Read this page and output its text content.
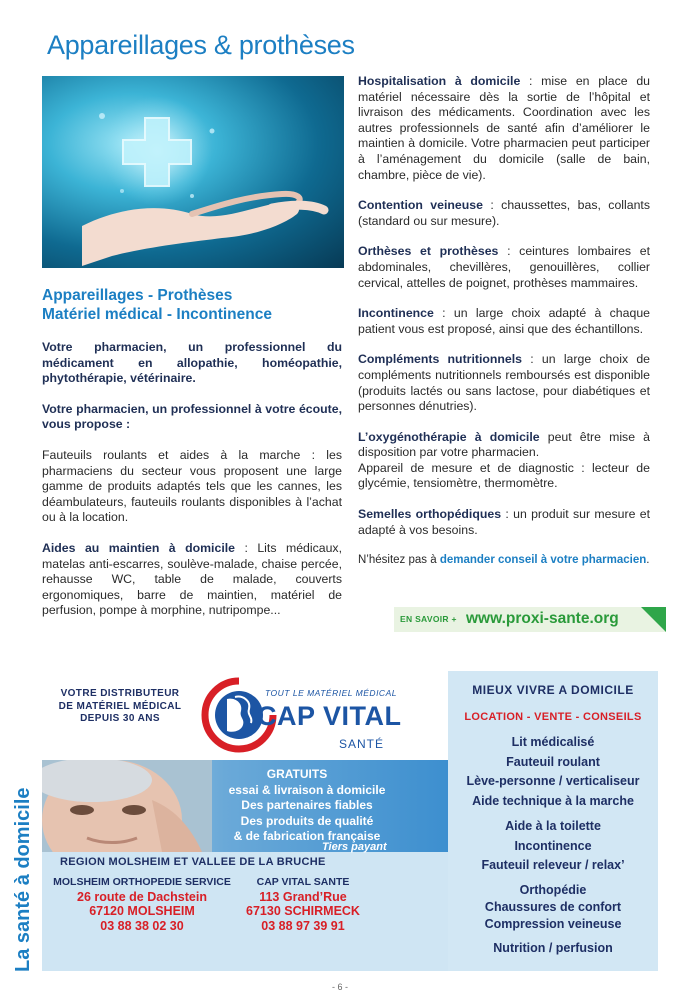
Appareillages & prothèses
Appareillages - Prothèses
Matériel médical - Incontinence

Votre pharmacien, un professionnel du médicament en allopathie, homéopathie, phytothérapie, vétérinaire.

Votre pharmacien, un professionnel à votre écoute, vous propose :

Fauteuils roulants et aides à la marche : les pharmaciens du secteur vous proposent une large gamme de produits adaptés tels que les cannes, les déambulateurs, fauteuils roulants disponibles à l’achat ou à la location.

Aides au maintien à domicile : Lits médicaux, matelas anti-escarres, soulève-malade, chaise percée, rehausse WC, table de malade, couverts ergonomiques, barre de maintien, matériel de perfusion, pompe à morphine, nutripompe...

Hospitalisation à domicile : mise en place du matériel nécessaire dès la sortie de l’hôpital et livraison des médicaments. Coordination avec les autres professionnels de santé afin d’améliorer le maintien à domicile. Votre pharmacien peut participer à l’aménagement du domicile (salle de bain, chambre, pièce de vie).

Contention veineuse : chaussettes, bas, collants (standard ou sur mesure).

Orthèses et prothèses : ceintures lombaires et abdominales, chevillères, genouillères, collier cervical, attelles de poignet, prothèses mammaires.

Incontinence : un large choix adapté à chaque patient vous est proposé, ainsi que des échantillons.

Compléments nutritionnels : un large choix de compléments nutritionnels remboursés est disponible (produits lactés ou sans lactose, pour diabétiques et personnes dénutries).

L’oxygénothérapie à domicile peut être mise à disposition par votre pharmacien.

Appareil de mesure et de diagnostic : lecteur de glycémie, tensiomètre, thermomètre.

Semelles orthopédiques : un produit sur mesure et adapté à vos besoins.

N’hésitez pas à demander conseil à votre pharmacien.

EN SAVOIR + www.proxi-sante.org
La santé à domicile
VOTRE DISTRIBUTEUR
DE MATÉRIEL MÉDICAL
DEPUIS 30 ANS
TOUT LE MATÉRIEL MÉDICAL
CAP VITAL
SANTÉ
GRATUITS
essai & livraison à domicile
Des partenaires fiables
Des produits de qualité
& de fabrication française
Tiers payant
REGION MOLSHEIM ET VALLEE DE LA BRUCHE
MOLSHEIM ORTHOPEDIE SERVICE
26 route de Dachstein
67120 MOLSHEIM
03 88 38 02 30
CAP VITAL SANTE
113 Grand’Rue
67130 SCHIRMECK
03 88 97 39 91
MIEUX VIVRE A DOMICILE
LOCATION - VENTE - CONSEILS
Lit médicalisé
Fauteuil roulant
Lève-personne / verticaliseur
Aide technique à la marche
Aide à la toilette
Incontinence
Fauteuil releveur / relax’
Orthopédie
Chaussures de confort
Compression veineuse
Nutrition / perfusion
- 6 -
